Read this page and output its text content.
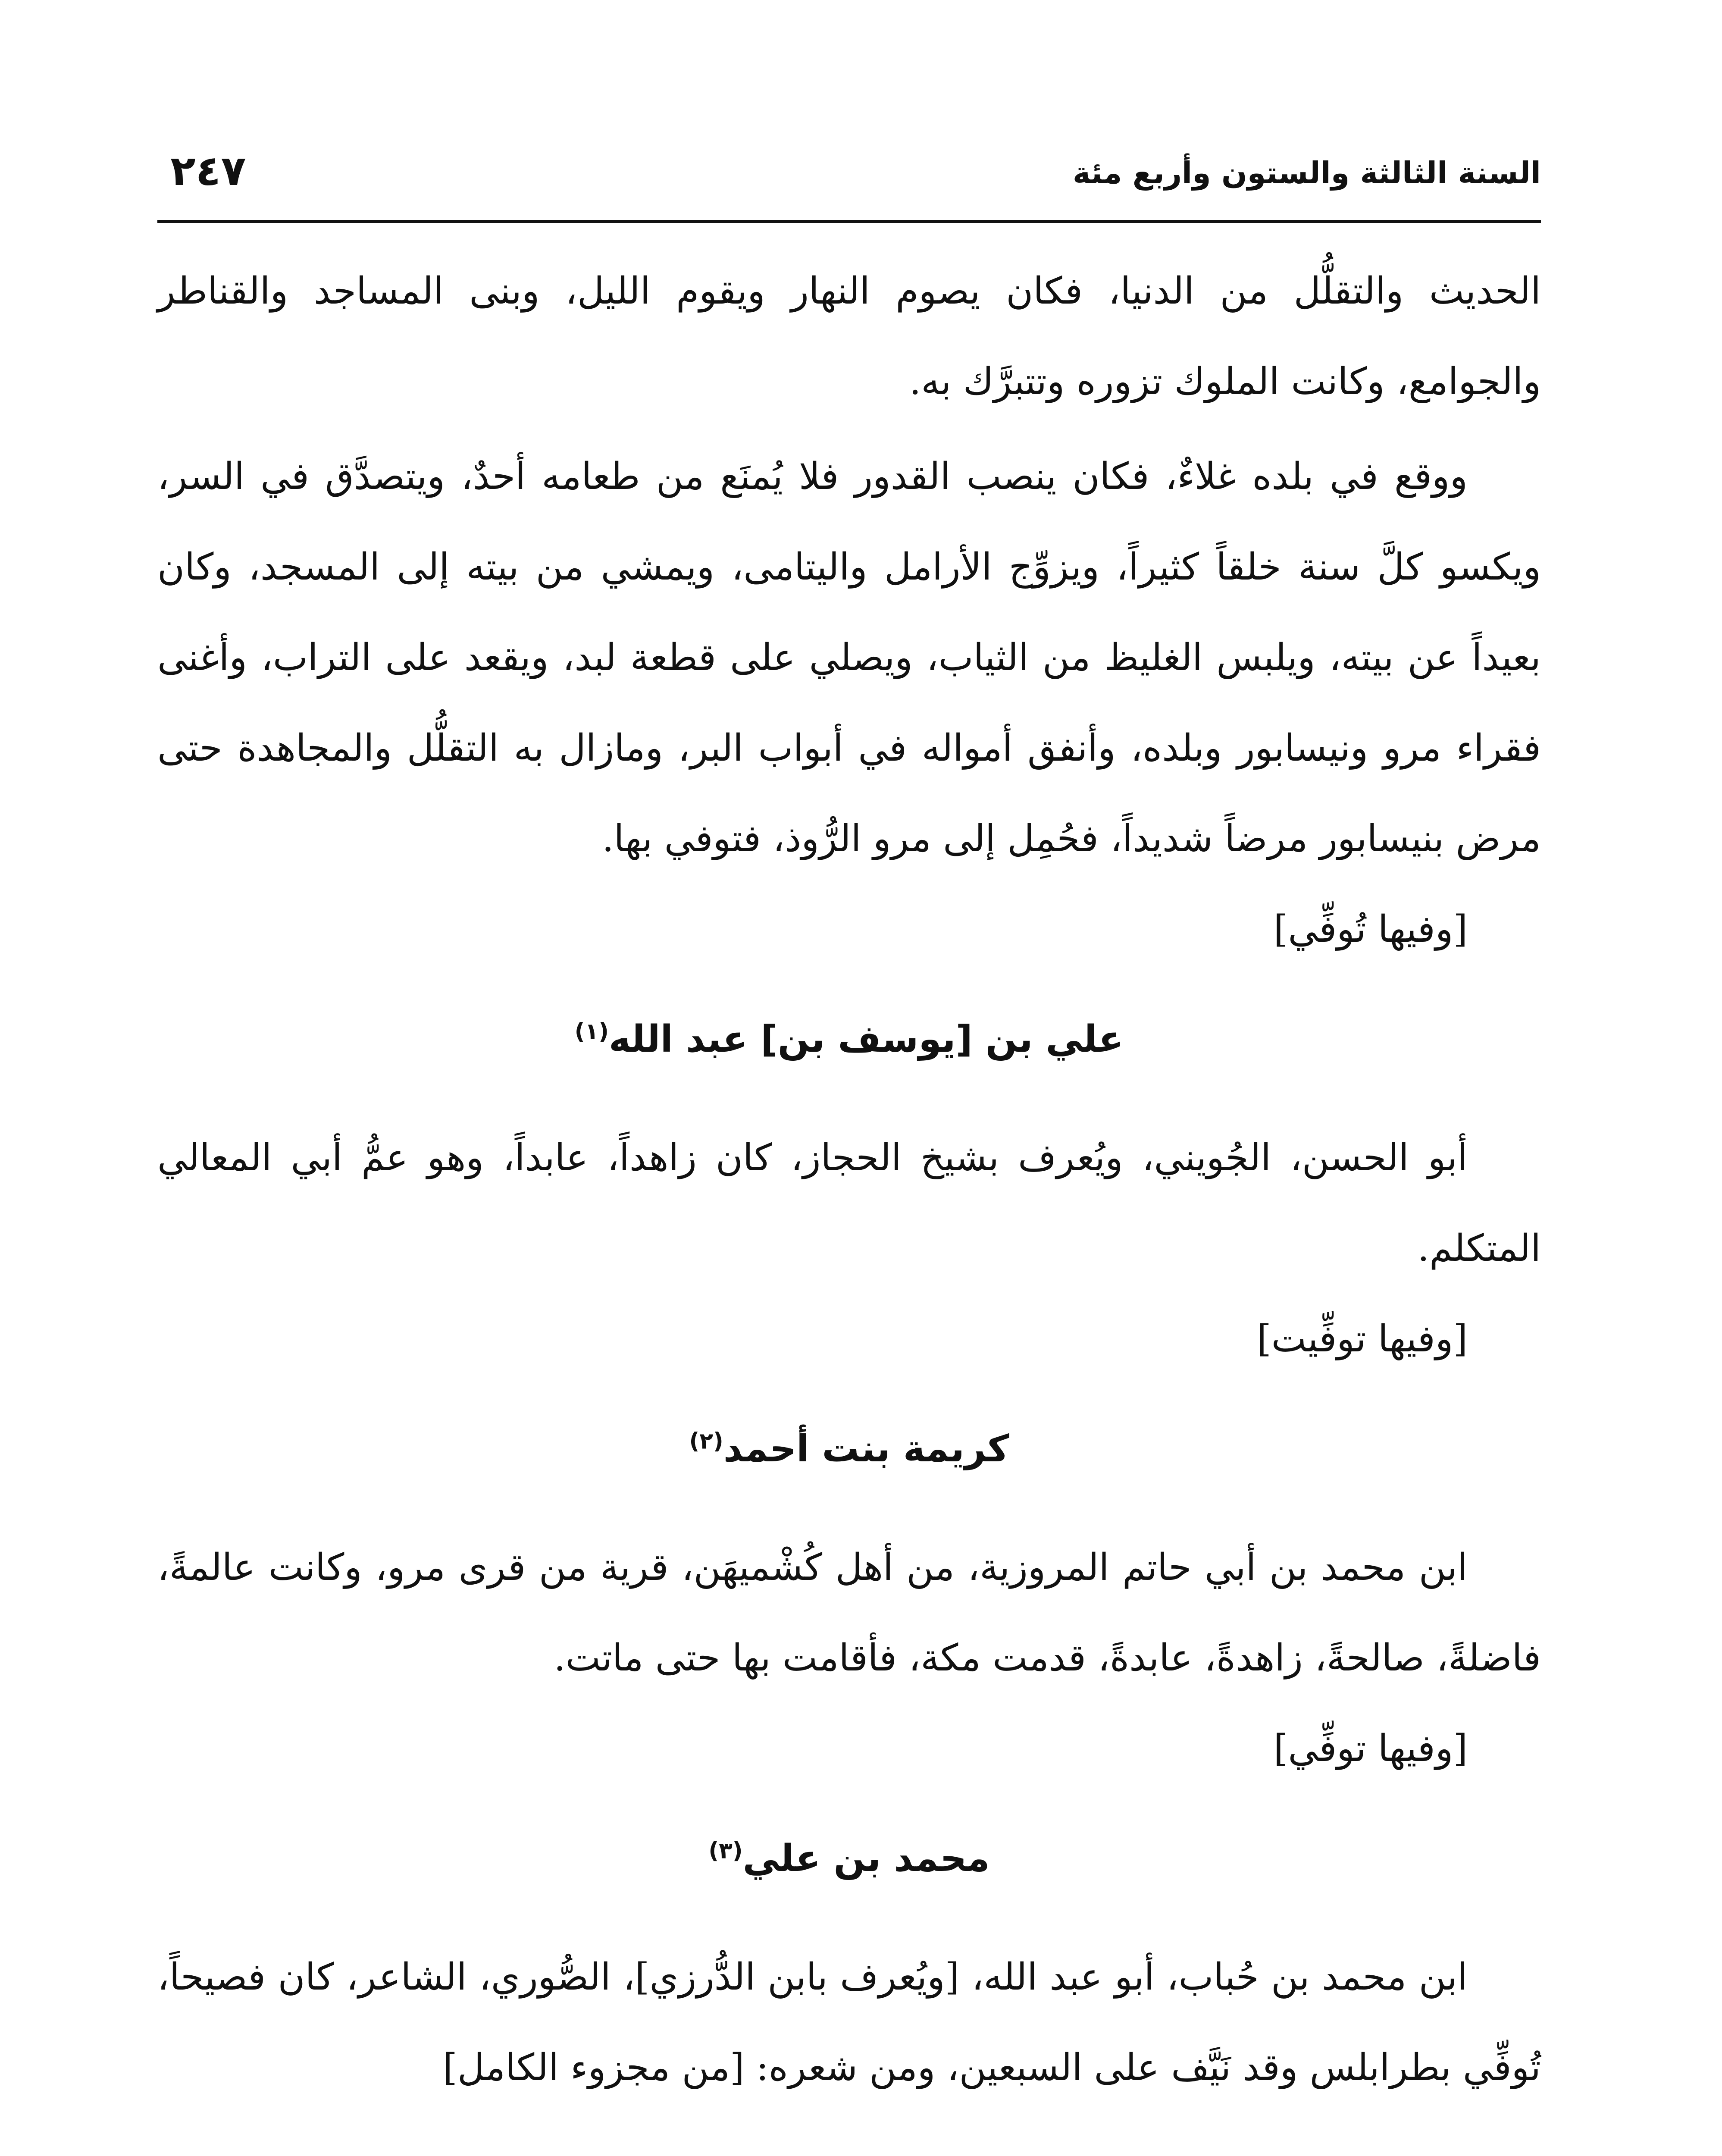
السنة الثالثة والستون وأربع مئة
٢٤٧

الحديث والتقلُّل من الدنيا، فكان يصوم النهار ويقوم الليل، وبنى المساجد والقناطر والجوامع، وكانت الملوك تزوره وتتبرَّك به.

ووقع في بلده غلاءٌ، فكان ينصب القدور فلا يُمنَع من طعامه أحدٌ، ويتصدَّق في السر، ويكسو كلَّ سنة خلقاً كثيراً، ويزوِّج الأرامل واليتامى، ويمشي من بيته إلى المسجد، وكان بعيداً عن بيته، ويلبس الغليظ من الثياب، ويصلي على قطعة لبد، ويقعد على التراب، وأغنى فقراء مرو ونيسابور وبلده، وأنفق أمواله في أبواب البر، ومازال به التقلُّل والمجاهدة حتى مرض بنيسابور مرضاً شديداً، فحُمِل إلى مرو الرُّوذ، فتوفي بها.

[وفيها تُوفِّي]

علي بن [يوسف بن] عبد الله$^{(١)}$

أبو الحسن، الجُويني، ويُعرف بشيخ الحجاز، كان زاهداً، عابداً، وهو عمُّ أبي المعالي المتكلم.

[وفيها توفِّيت]

كريمة بنت أحمد$^{(٢)}$

ابن محمد بن أبي حاتم المروزية، من أهل كُشْميهَن، قرية من قرى مرو، وكانت عالمةً، فاضلةً، صالحةً، زاهدةً، عابدةً، قدمت مكة، فأقامت بها حتى ماتت.

[وفيها توفِّي]

محمد بن علي$^{(٣)}$

ابن محمد بن حُباب، أبو عبد الله، [ويُعرف بابن الدُّرزي]، الصُّوري، الشاعر، كان فصيحاً، تُوفِّي بطرابلس وقد نَيَّف على السبعين، ومن شعره: [من مجزوء الكامل]
